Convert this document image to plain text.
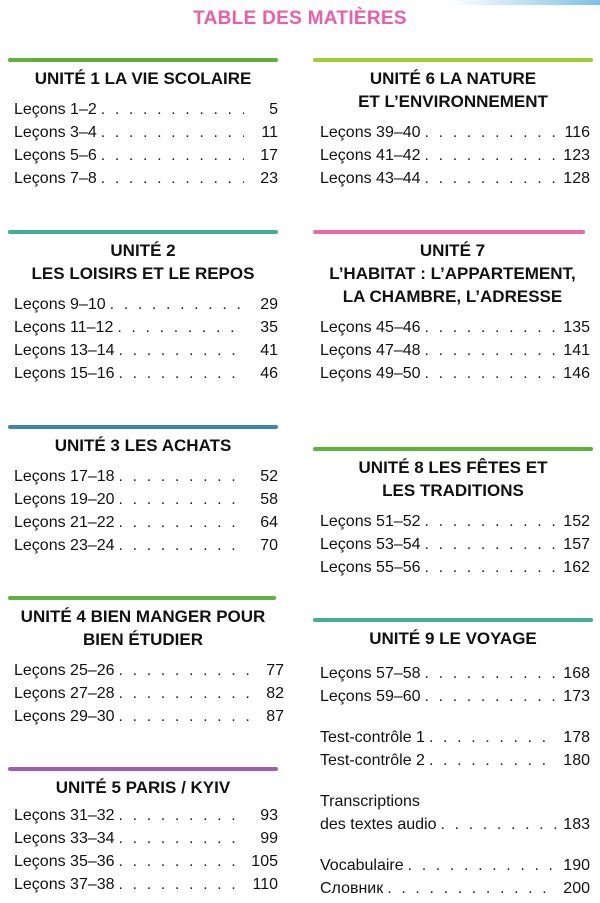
TABLE DES MATIÈRES
UNITÉ 1 LA VIE SCOLAIRE
Leçons 1–2 . . .	5
Leçons 3–4 . . .	11
Leçons 5–6 . . .	17
Leçons 7–8 . . .	23
UNITÉ 2
LES LOISIRS ET LE REPOS
Leçons 9–10 . . .	29
Leçons 11–12 . . .	35
Leçons 13–14 . . .	41
Leçons 15–16 . . .	46
UNITÉ 3 LES ACHATS
Leçons 17–18 . . .	52
Leçons 19–20 . . .	58
Leçons 21–22 . . .	64
Leçons 23–24 . . .	70
UNITÉ 4 BIEN MANGER POUR
BIEN ÉTUDIER
Leçons 25–26 . . .	77
Leçons 27–28 . . .	82
Leçons 29–30 . . .	87
UNITÉ 5 PARIS / KYIV
Leçons 31–32 . . .	93
Leçons 33–34 . . .	99
Leçons 35–36 . . .	105
Leçons 37–38 . . .	110
UNITÉ 6 LA NATURE
ET L’ENVIRONNEMENT
Leçons 39–40 . . .	116
Leçons 41–42 . . .	123
Leçons 43–44 . . .	128
UNITÉ 7
L’HABITAT : L’APPARTEMENT,
LA CHAMBRE, L’ADRESSE
Leçons 45–46 . . .	135
Leçons 47–48 . . .	141
Leçons 49–50 . . .	146
UNITÉ 8 LES FÊTES ET
LES TRADITIONS
Leçons 51–52 . . .	152
Leçons 53–54 . . .	157
Leçons 55–56 . . .	162
UNITÉ 9 LE VOYAGE
Leçons 57–58 . . .	168
Leçons 59–60 . . .	173
Test-contrôle 1 . . .	178
Test-contrôle 2 . . .	180
Transcriptions
des textes audio . . .	183
Vocabulaire . . .	190
Словник . . .	200
